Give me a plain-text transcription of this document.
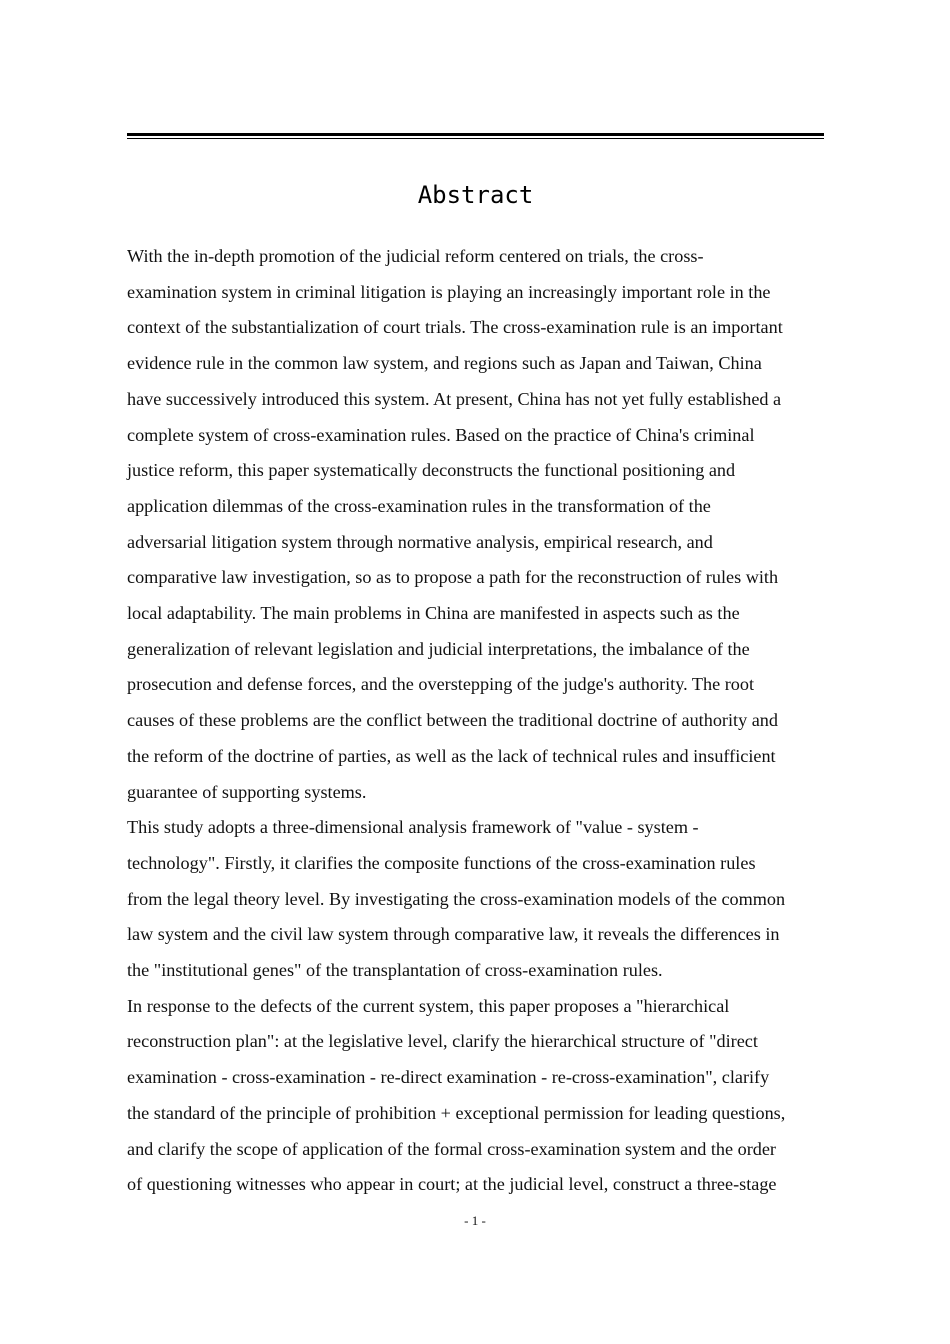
Abstract

With the in-depth promotion of the judicial reform centered on trials, the cross-
examination system in criminal litigation is playing an increasingly important role in the
context of the substantialization of court trials. The cross-examination rule is an important
evidence rule in the common law system, and regions such as Japan and Taiwan, China
have successively introduced this system. At present, China has not yet fully established a
complete system of cross-examination rules. Based on the practice of China's criminal
justice reform, this paper systematically deconstructs the functional positioning and
application dilemmas of the cross-examination rules in the transformation of the
adversarial litigation system through normative analysis, empirical research, and
comparative law investigation, so as to propose a path for the reconstruction of rules with
local adaptability. The main problems in China are manifested in aspects such as the
generalization of relevant legislation and judicial interpretations, the imbalance of the
prosecution and defense forces, and the overstepping of the judge's authority. The root
causes of these problems are the conflict between the traditional doctrine of authority and
the reform of the doctrine of parties, as well as the lack of technical rules and insufficient
guarantee of supporting systems.

This study adopts a three-dimensional analysis framework of "value - system -
technology". Firstly, it clarifies the composite functions of the cross-examination rules
from the legal theory level. By investigating the cross-examination models of the common
law system and the civil law system through comparative law, it reveals the differences in
the "institutional genes" of the transplantation of cross-examination rules.

In response to the defects of the current system, this paper proposes a "hierarchical
reconstruction plan": at the legislative level, clarify the hierarchical structure of "direct
examination - cross-examination - re-direct examination - re-cross-examination", clarify
the standard of the principle of prohibition + exceptional permission for leading questions,
and clarify the scope of application of the formal cross-examination system and the order
of questioning witnesses who appear in court; at the judicial level, construct a three-stage

- 1 -
